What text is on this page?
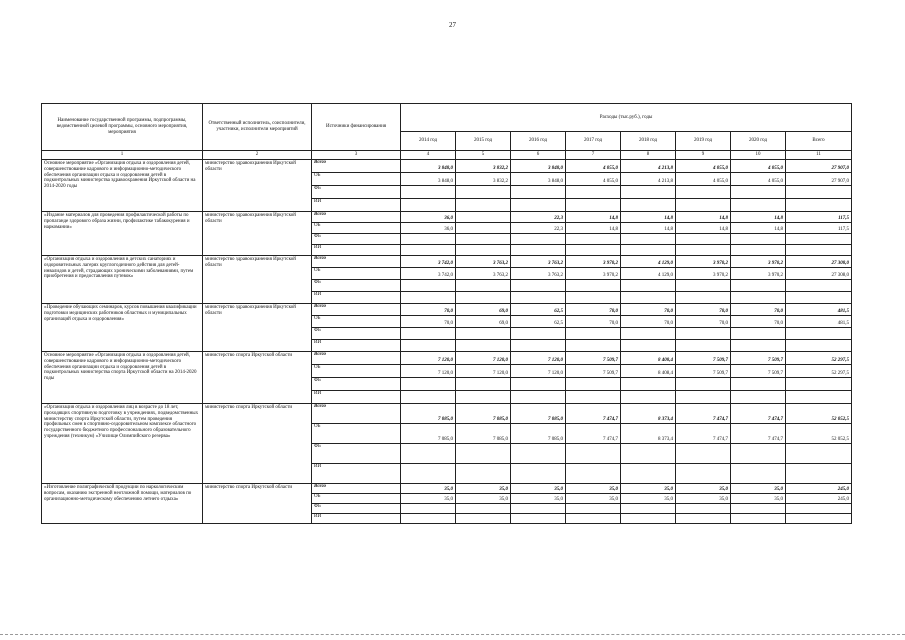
27
Наименование государственной программы, подпрограммы, ведомственной целевой программы, основного мероприятия, мероприятия	Ответственный исполнитель, соисполнители, участники, исполнители мероприятий	Источники финансирования	Расходы (тыс.руб.), годы							
			2014 год	2015 год	2016 год	2017 год	2018 год	2019 год	2020 год	Всего
1	2	3	4	5	6	7	8	9	10	11
Основное мероприятие «Организация отдыха и оздоровления детей, совершенствование кадрового и информационно-методического обеспечения организации отдыха и оздоровления детей в подконтрольных министерства здравоохранения Иркутской области на 2014-2020 годы	министерство здравоохранения Иркутской области	Всего	3 848,0	3 832,2	3 848,0	4 055,0	4 213,8	4 055,0	4 055,0	27 907,0
		ОБ	3 848,0	3 832,2	3 848,0	4 055,0	4 213,8	4 055,0	4 055,0	27 907,0
		ФБ								
		ИИ								
«Издание материалов для проведения профилактической работы по пропаганде здорового образа жизни, профилактике табакокурения и наркомании»	министерство здравоохранения Иркутской области	Всего	36,0		22,3	14,8	14,8	14,8	14,8	117,5
		ОБ	36,0		22,3	14,8	14,8	14,8	14,8	117,5
		ФБ								
		ИИ								
«Организация отдыха и оздоровления в детских санаториях и оздоровительных лагерях круглогодичного действия для детей-инвалидов и детей, страдающих хроническими заболеваниями, путем приобретения и предоставления путевок»	министерство здравоохранения Иркутской области	Всего	3 742,0	3 763,2	3 763,2	3 970,2	4 129,0	3 970,2	3 970,2	27 308,0
		ОБ	3 742,0	3 763,2	3 763,2	3 970,2	4 129,0	3 970,2	3 970,2	27 308,0
		ФБ								
		ИИ								
«Проведение обучающих семинаров, курсов повышения квалификации подготовки медицинских работников областных и муниципальных организаций отдыха и оздоровления»	министерство здравоохранения Иркутской области	Всего	70,0	69,0	62,5	70,0	70,0	70,0	70,0	481,5
		ОБ	70,0	69,0	62,5	70,0	70,0	70,0	70,0	481,5
		ФБ								
		ИИ								
Основное мероприятие «Организация отдыха и оздоровления детей, совершенствование кадрового и информационно-методического обеспечения организации отдыха и оздоровления детей в подконтрольных министерства спорта Иркутской области на 2014-2020 годы	министерство спорта Иркутской области	Всего	7 120,0	7 120,0	7 120,0	7 509,7	8 408,4	7 509,7	7 509,7	52 297,5
		ОБ	7 120,0	7 120,0	7 120,0	7 509,7	8 408,4	7 509,7	7 509,7	52 297,5
		ФБ								
		ИИ								
«Организация отдыха и оздоровления лиц в возрасте до 18 лет, проходящих спортивную подготовку в учреждениях, подведомственных министерству спорта Иркутской области, путем проведения профильных смен в спортивно-оздоровительном комплексе областного государственного бюджетного профессионального образовательного учреждения (техникум) «Училище Олимпийского резерва»	министерство спорта Иркутской области	Всего	7 085,0	7 085,0	7 085,0	7 474,7	8 373,4	7 474,7	7 474,7	52 052,5
		ОБ	7 085,0	7 085,0	7 085,0	7 474,7	8 373,4	7 474,7	7 474,7	52 052,5
		ФБ								
		ИИ								
«Изготовление полиграфической продукции по наркологическим вопросам, оказанию экстренной неотложной помощи, материалов по организационно-методическому обеспечению летнего отдыха»	министерство спорта Иркутской области	Всего	35,0	35,0	35,0	35,0	35,0	35,0	35,0	245,0
		ОБ	35,0	35,0	35,0	35,0	35,0	35,0	35,0	245,0
		ФБ								
		ИИ								
